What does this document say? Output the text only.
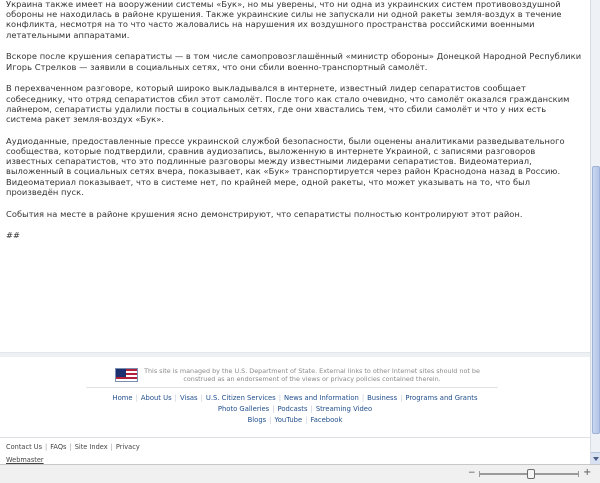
Украина также имеет на вооружении системы «Бук», но мы уверены, что ни одна из украинских систем противовоздушной обороны не находилась в районе крушения. Также украинские силы не запускали ни одной ракеты земля-воздух в течение конфликта, несмотря на то что часто жаловались на нарушения их воздушного пространства российскими военными летательными аппаратами.

Вскоре после крушения сепаратисты — в том числе самопровозглашённый «министр обороны» Донецкой Народной Республики Игорь Стрелков — заявили в социальных сетях, что они сбили военно-транспортный самолёт.

В перехваченном разговоре, который широко выкладывался в интернете, известный лидер сепаратистов сообщает собеседнику, что отряд сепаратистов сбил этот самолёт. После того как стало очевидно, что самолёт оказался гражданским лайнером, сепаратисты удалили посты в социальных сетях, где они хвастались тем, что сбили самолёт и что у них есть система ракет земля-воздух «Бук».

Аудиоданные, предоставленные прессе украинской службой безопасности, были оценены аналитиками разведывательного сообщества, которые подтвердили, сравнив аудиозапись, выложенную в интернете Украиной, с записями разговоров известных сепаратистов, что это подлинные разговоры между известными лидерами сепаратистов. Видеоматериал, выложенный в социальных сетях вчера, показывает, как «Бук» транспортируется через район Краснодона назад в Россию. Видеоматериал показывает, что в системе нет, по крайней мере, одной ракеты, что может указывать на то, что был произведён пуск.

События на месте в районе крушения ясно демонстрируют, что сепаратисты полностью контролируют этот район.

##
This site is managed by the U.S. Department of State. External links to other Internet sites should not be construed as an endorsement of the views or privacy policies contained therein.
Home | About Us | Visas | U.S. Citizen Services | News and Information | Business | Programs and Grants
Photo Galleries | Podcasts | Streaming Video
Blogs | YouTube | Facebook
Contact Us | FAQs | Site Index | Privacy
Webmaster
−	+
